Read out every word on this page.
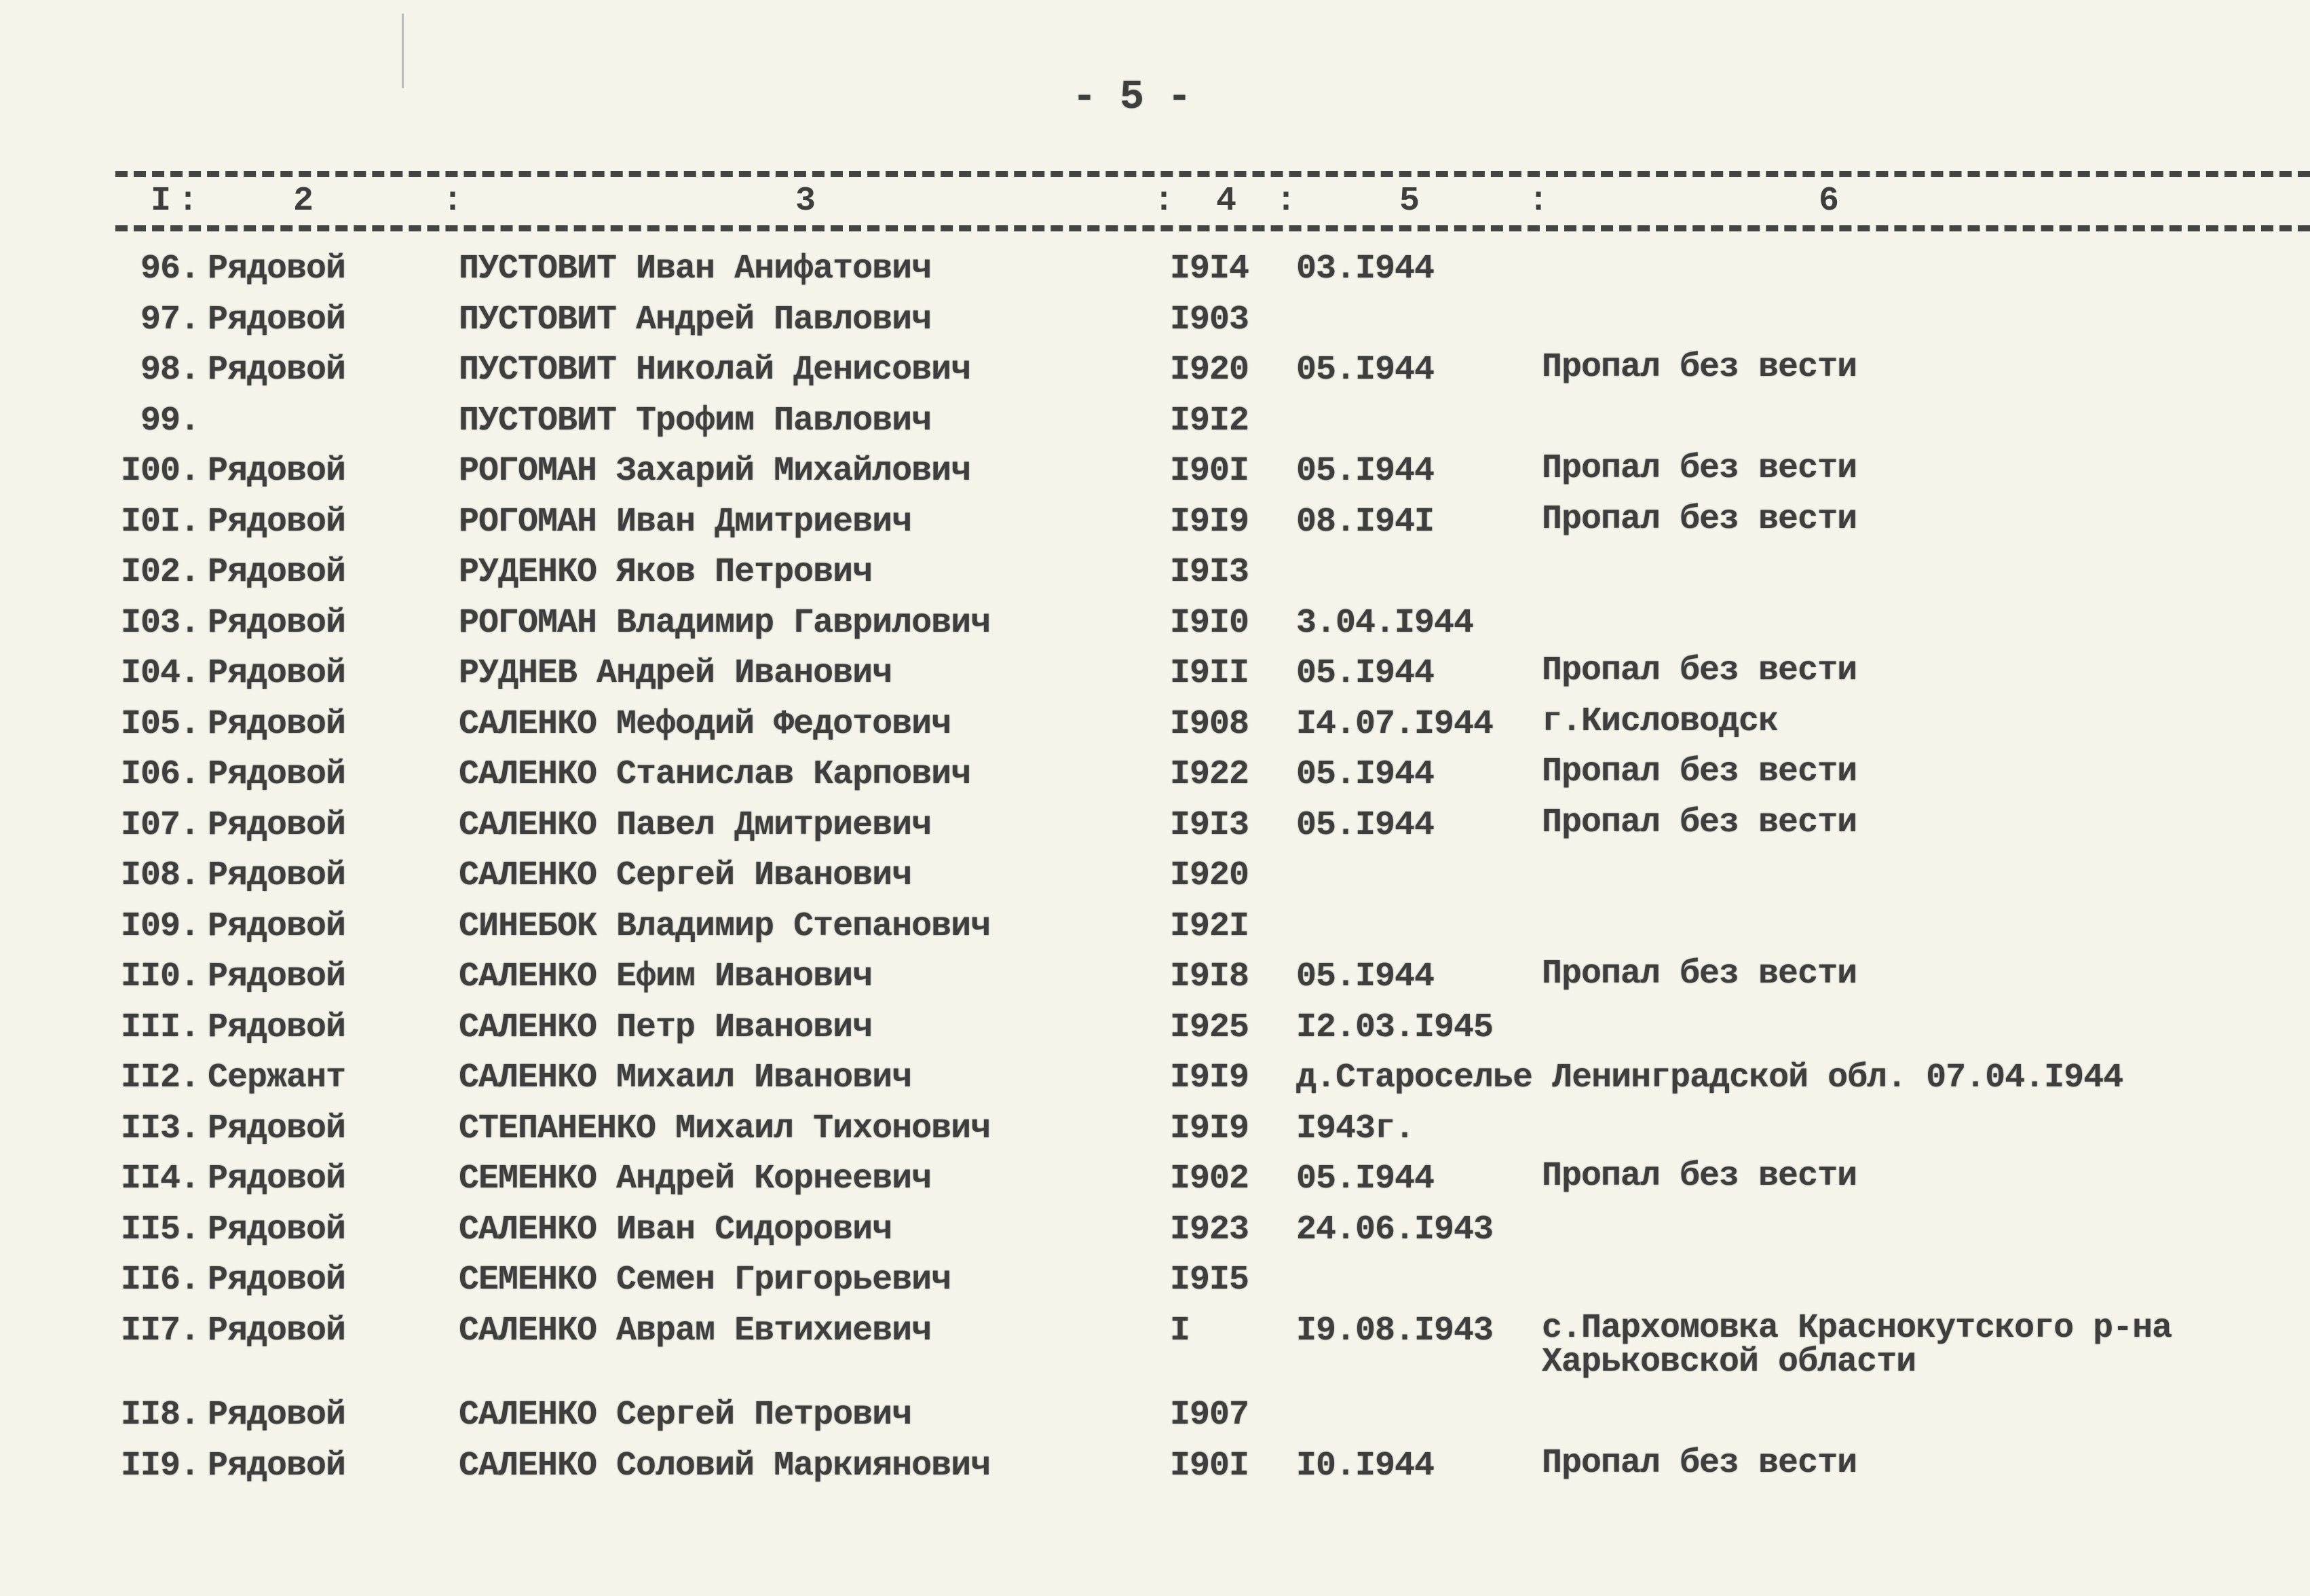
- 5 -
I :	2	:	3	: 4 :	5	:	6
96. Рядовой	ПУСТОВИТ Иван Анифатович	I9I4 03.I944
97. Рядовой	ПУСТОВИТ Андрей Павлович	I903
98. Рядовой	ПУСТОВИТ Николай Денисович	I920 05.I944	Пропал без вести
99.	ПУСТОВИТ Трофим Павлович	I9I2
I00. Рядовой	РОГОМАН Захарий Михайлович	I90I 05.I944	Пропал без вести
I0I. Рядовой	РОГОМАН Иван Дмитриевич	I9I9 08.I94I	Пропал без вести
I02. Рядовой	РУДЕНКО Яков Петрович	I9I3
I03. Рядовой	РОГОМАН Владимир Гаврилович	I9I0 3.04.I944
I04. Рядовой	РУДНЕВ Андрей Иванович	I9II 05.I944	Пропал без вести
I05. Рядовой	САЛЕНКО Мефодий Федотович	I908 I4.07.I944 г.Кисловодск
I06. Рядовой	САЛЕНКО Станислав Карпович	I922 05.I944	Пропал без вести
I07. Рядовой	САЛЕНКО Павел Дмитриевич	I9I3 05.I944	Пропал без вести
I08. Рядовой	САЛЕНКО Сергей Иванович	I920
I09. Рядовой	СИНЕБОК Владимир Степанович	I92I
II0. Рядовой	САЛЕНКО Ефим Иванович	I9I8 05.I944	Пропал без вести
III. Рядовой	САЛЕНКО Петр Иванович	I925 I2.03.I945
II2. Сержант	САЛЕНКО Михаил Иванович	I9I9 д.Староселье Ленинградской обл. 07.04.I944
II3. Рядовой	СТЕПАНЕНКО Михаил Тихонович	I9I9 I943г.
II4. Рядовой	СЕМЕНКО Андрей Корнеевич	I902 05.I944	Пропал без вести
II5. Рядовой	САЛЕНКО Иван Сидорович	I923 24.06.I943
II6. Рядовой	СЕМЕНКО Семен Григорьевич	I9I5
II7. Рядовой	САЛЕНКО Аврам Евтихиевич	I	I9.08.I943 с.Пархомовка Краснокутского р-на
Харьковской области
II8. Рядовой	САЛЕНКО Сергей Петрович	I907
II9. Рядовой	САЛЕНКО Соловий Маркиянович	I90I I0.I944	Пропал без вести
